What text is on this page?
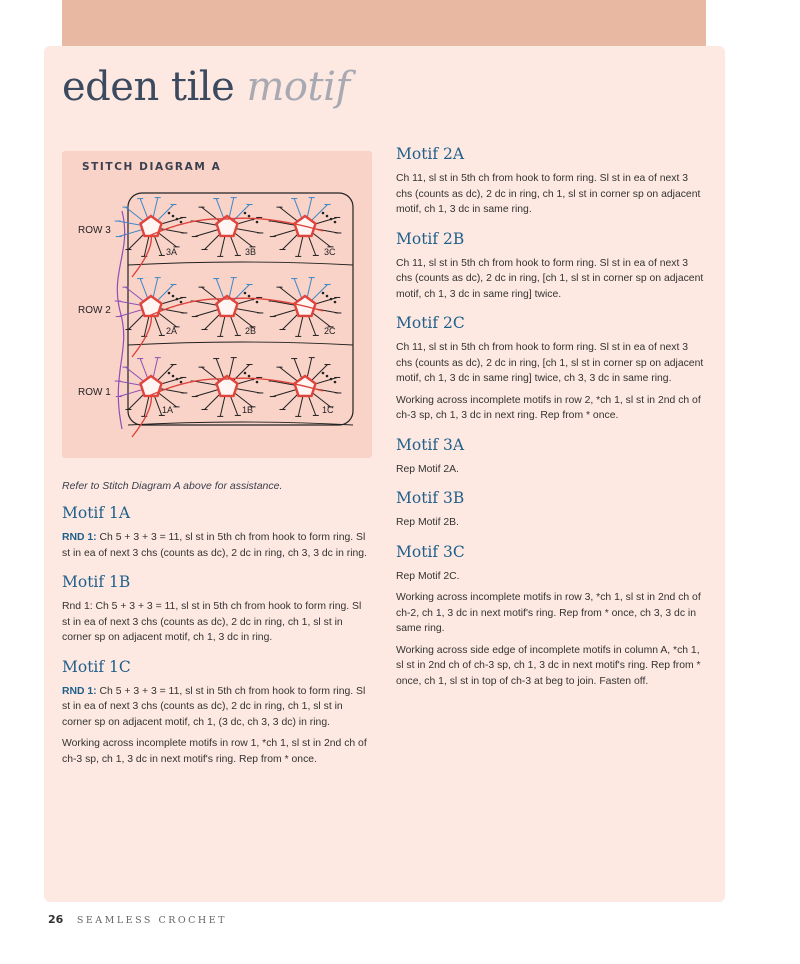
eden tile motif
ROW 3
ROW 2
ROW 1
3A	3B	3C
2A	2B	2C
1A	1B	1C
STITCH DIAGRAM A

Refer to Stitch Diagram A above for assistance.

Motif 1A

RND 1: Ch 5 + 3 + 3 = 11, sl st in 5th ch from hook to form ring. Sl st in ea of next 3 chs (counts as dc), 2 dc in ring, ch 3, 3 dc in ring.

Motif 1B

Rnd 1: Ch 5 + 3 + 3 = 11, sl st in 5th ch from hook to form ring. Sl st in ea of next 3 chs (counts as dc), 2 dc in ring, ch 1, sl st in corner sp on adjacent motif, ch 1, 3 dc in ring.

Motif 1C

RND 1: Ch 5 + 3 + 3 = 11, sl st in 5th ch from hook to form ring. Sl st in ea of next 3 chs (counts as dc), 2 dc in ring, ch 1, sl st in corner sp on adjacent motif, ch 1, (3 dc, ch 3, 3 dc) in ring.

Working across incomplete motifs in row 1, *ch 1, sl st in 2nd ch of ch-3 sp, ch 1, 3 dc in next motif's ring. Rep from * once.

Motif 2A

Ch 11, sl st in 5th ch from hook to form ring. Sl st in ea of next 3 chs (counts as dc), 2 dc in ring, ch 1, sl st in corner sp on adjacent motif, ch 1, 3 dc in same ring.

Motif 2B

Ch 11, sl st in 5th ch from hook to form ring. Sl st in ea of next 3 chs (counts as dc), 2 dc in ring, [ch 1, sl st in corner sp on adjacent motif, ch 1, 3 dc in same ring] twice.

Motif 2C

Ch 11, sl st in 5th ch from hook to form ring. Sl st in ea of next 3 chs (counts as dc), 2 dc in ring, [ch 1, sl st in corner sp on adjacent motif, ch 1, 3 dc in same ring] twice, ch 3, 3 dc in same ring.

Working across incomplete motifs in row 2, *ch 1, sl st in 2nd ch of ch-3 sp, ch 1, 3 dc in next ring. Rep from * once.

Motif 3A

Rep Motif 2A.

Motif 3B

Rep Motif 2B.

Motif 3C

Rep Motif 2C.

Working across incomplete motifs in row 3, *ch 1, sl st in 2nd ch of ch-2, ch 1, 3 dc in next motif's ring. Rep from * once, ch 3, 3 dc in same ring.

Working across side edge of incomplete motifs in column A, *ch 1, sl st in 2nd ch of ch-3 sp, ch 1, 3 dc in next motif's ring. Rep from * once, ch 1, sl st in top of ch-3 at beg to join. Fasten off.

26 SEAMLESS CROCHET
